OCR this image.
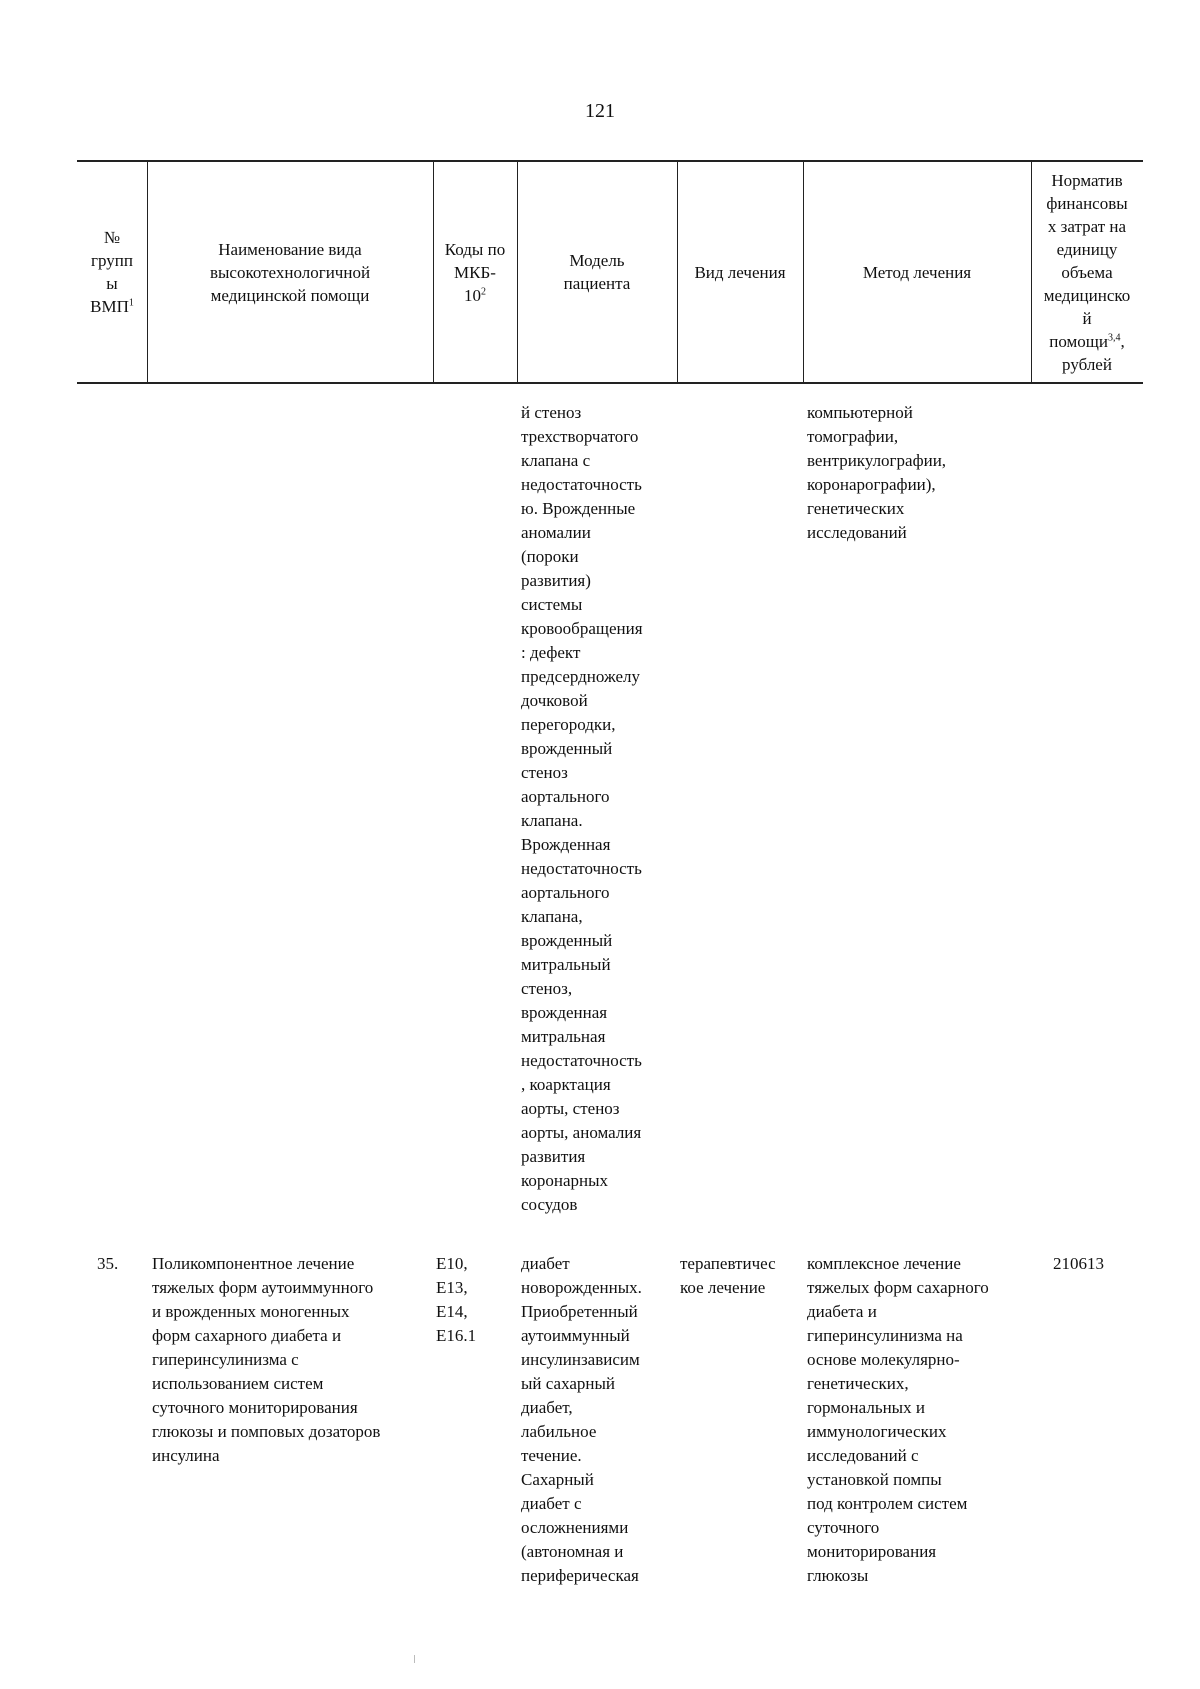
121
№
групп
ы
ВМП$^1$
Наименование вида
высокотехнологичной
медицинской помощи
Коды по
МКБ-
$10^2$
Модель
пациента
Вид лечения	Метод лечения
Норматив
финансовы
х затрат на
единицу
объема
медицинско
й
помощи$^{3,4}$,
рублей
й стеноз
трехстворчатого
клапана с
недостаточность
ю. Врожденные
аномалии
(пороки
развития)
системы
кровообращения
: дефект
предсердножелу
дочковой
перегородки,
врожденный
стеноз
аортального
клапана.
Врожденная
недостаточность
аортального
клапана,
врожденный
митральный
стеноз,
врожденная
митральная
недостаточность
, коарктация
аорты, стеноз
аорты, аномалия
развития
коронарных
сосудов
компьютерной
томографии,
вентрикулографии,
коронарографии),
генетических
исследований
35.	Поликомпонентное лечение
тяжелых форм аутоиммунного
и врожденных моногенных
форм сахарного диабета и
гиперинсулинизма с
использованием систем
суточного мониторирования
глюкозы и помповых дозаторов
инсулина
E10,
E13,
E14,
E16.1
диабет
новорожденных.
Приобретенный
аутоиммунный
инсулинзависим
ый сахарный
диабет,
лабильное
течение.
Сахарный
диабет с
осложнениями
(автономная и
периферическая
терапевтичес
кое лечение
комплексное лечение
тяжелых форм сахарного
диабета и
гиперинсулинизма на
основе молекулярно-
генетических,
гормональных и
иммунологических
исследований с
установкой помпы
под контролем систем
суточного
мониторирования
глюкозы
210613
